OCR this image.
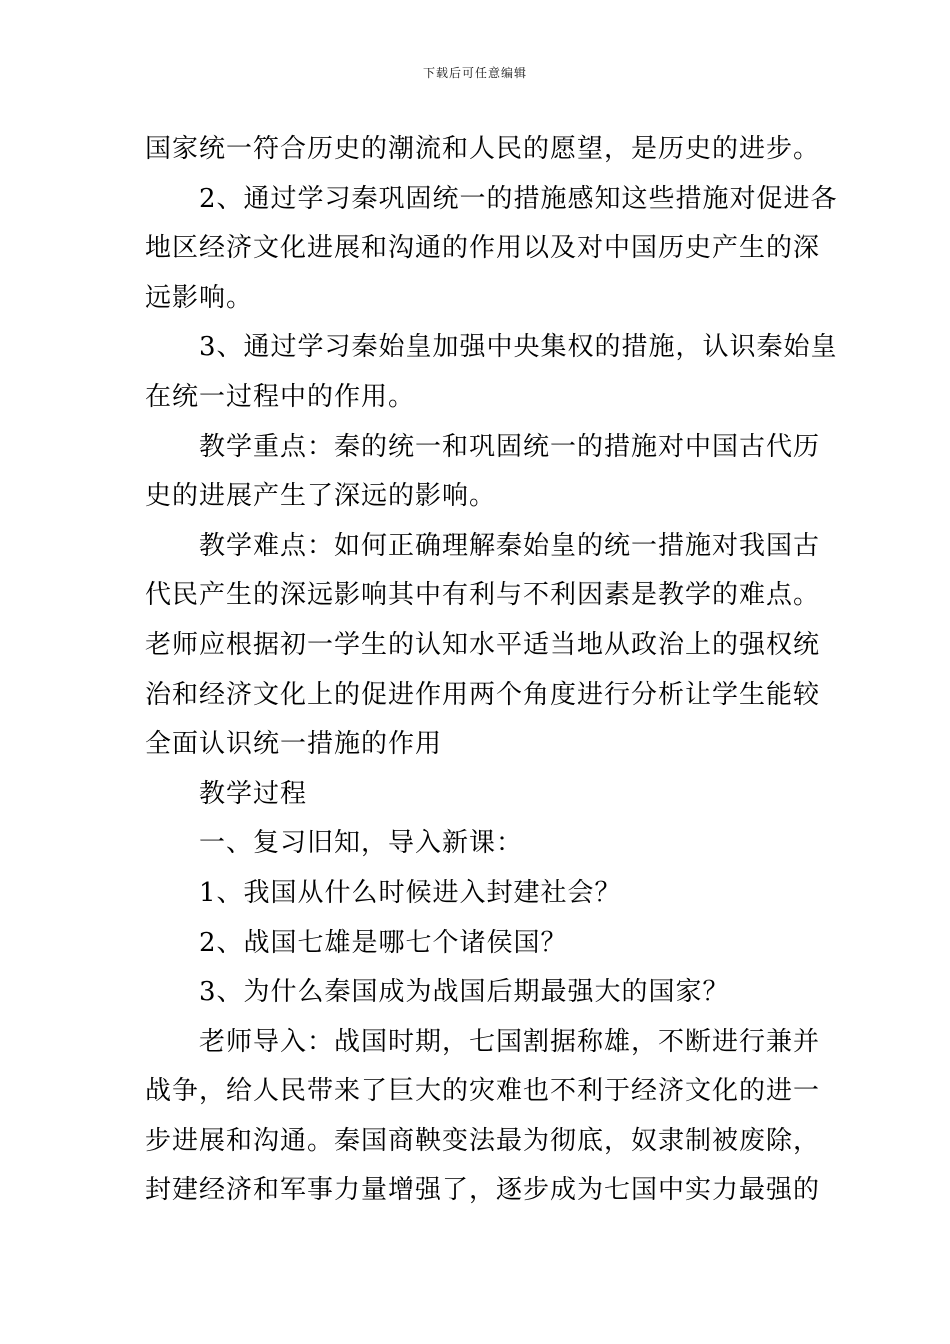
下载后可任意编辑
国家统一符合历史的潮流和人民的愿望，是历史的进步。
2、通过学习秦巩固统一的措施感知这些措施对促进各
地区经济文化进展和沟通的作用以及对中国历史产生的深
远影响。
3、通过学习秦始皇加强中央集权的措施，认识秦始皇
在统一过程中的作用。
教学重点：秦的统一和巩固统一的措施对中国古代历
史的进展产生了深远的影响。
教学难点：如何正确理解秦始皇的统一措施对我国古
代民产生的深远影响其中有利与不利因素是教学的难点。
老师应根据初一学生的认知水平适当地从政治上的强权统
治和经济文化上的促进作用两个角度进行分析让学生能较
全面认识统一措施的作用
教学过程
一、复习旧知，导入新课：
1、我国从什么时候进入封建社会？
2、战国七雄是哪七个诸侯国？
3、为什么秦国成为战国后期最强大的国家？
老师导入：战国时期，七国割据称雄，不断进行兼并
战争，给人民带来了巨大的灾难也不利于经济文化的进一
步进展和沟通。秦国商鞅变法最为彻底，奴隶制被废除，
封建经济和军事力量增强了，逐步成为七国中实力最强的
